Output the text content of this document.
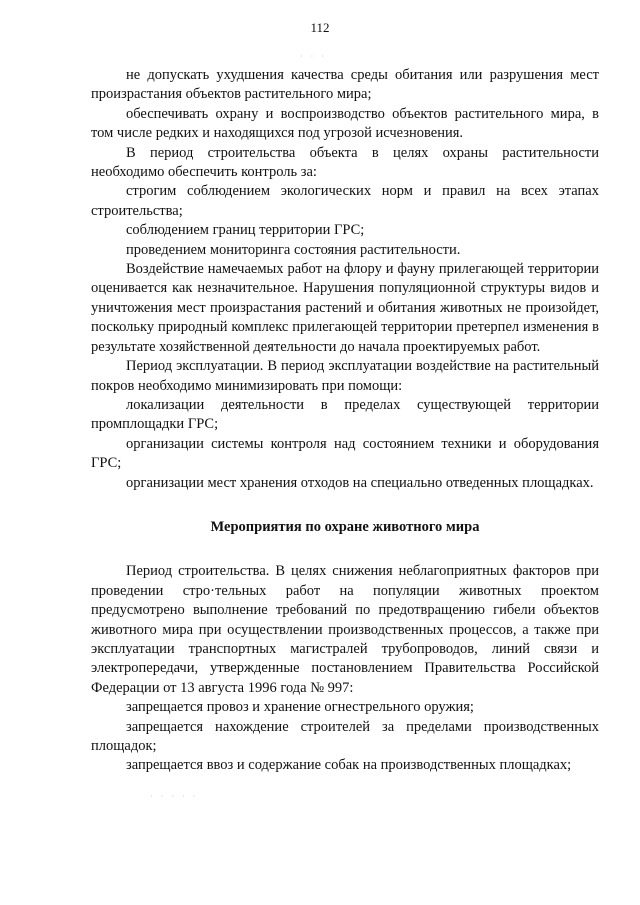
112
· · ·
· · · · ·

не допускать ухудшения качества среды обитания или разрушения мест произрастания объектов растительного мира;

обеспечивать охрану и воспроизводство объектов растительного мира, в том числе редких и находящихся под угрозой исчезновения.

В период строительства объекта в целях охраны растительности необходимо обеспечить контроль за:

строгим соблюдением экологических норм и правил на всех этапах строительства;

соблюдением границ территории ГРС;

проведением мониторинга состояния растительности.

Воздействие намечаемых работ на флору и фауну прилегающей территории оценивается как незначительное. Нарушения популяционной структуры видов и уничтожения мест произрастания растений и обитания животных не произойдет, поскольку природный комплекс прилегающей территории претерпел изменения в результате хозяйственной деятельности до начала проектируемых работ.

Период эксплуатации. В период эксплуатации воздействие на растительный покров необходимо минимизировать при помощи:

локализации деятельности в пределах существующей территории промплощадки ГРС;

организации системы контроля над состоянием техники и оборудования ГРС;

организации мест хранения отходов на специально отведенных площадках.

Мероприятия по охране животного мира

Период строительства. В целях снижения неблагоприятных факторов при проведении стро·тельных работ на популяции животных проектом предусмотрено выполнение требований по предотвращению гибели объектов животного мира при осуществлении производственных процессов, а также при эксплуатации транспортных магистралей трубопроводов, линий связи и электропередачи, утвержденные постановлением Правительства Российской Федерации от 13 августа 1996 года № 997:

запрещается провоз и хранение огнестрельного оружия;

запрещается нахождение строителей за пределами производственных площадок;

запрещается ввоз и содержание собак на производственных площадках;
